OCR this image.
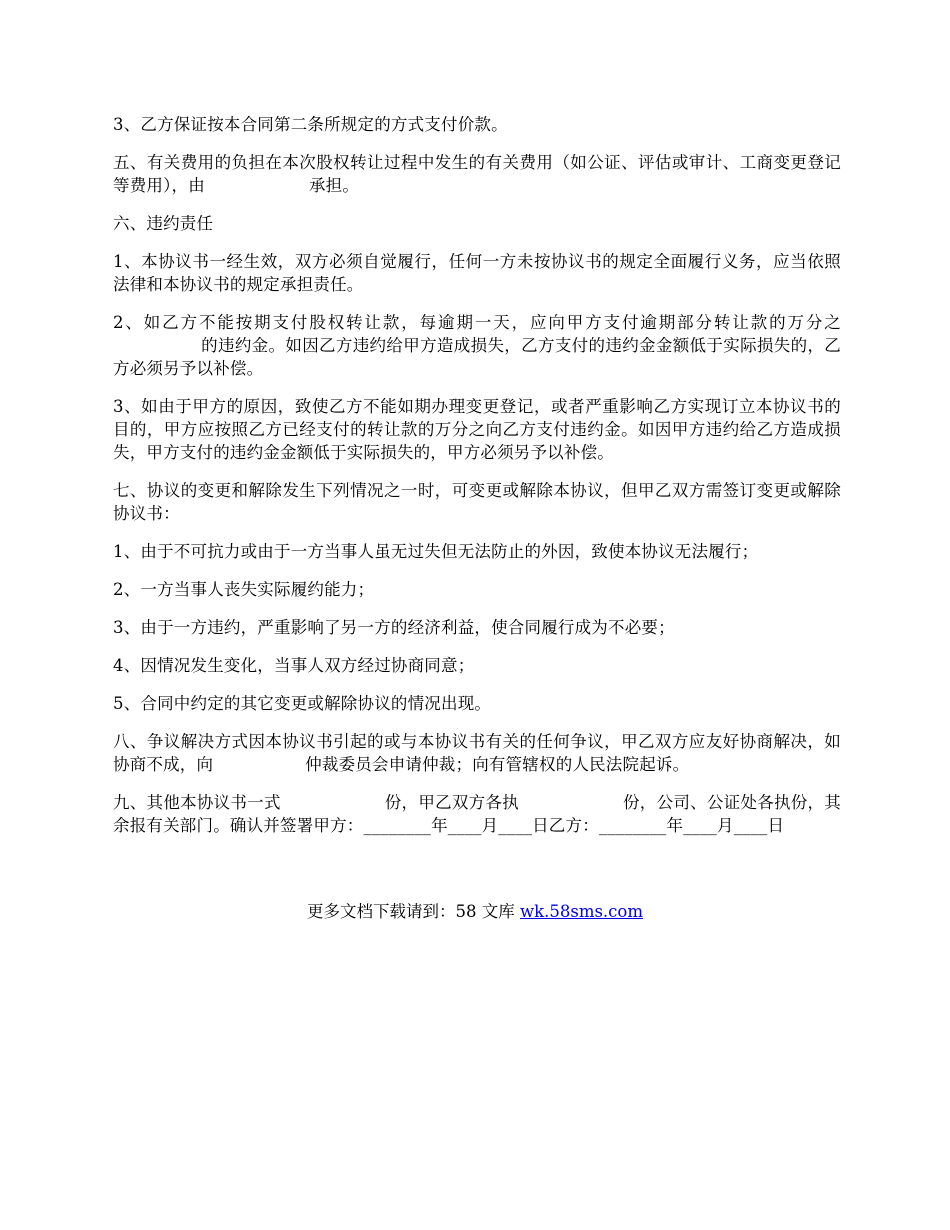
3、乙方保证按本合同第二条所规定的方式支付价款。

五、有关费用的负担在本次股权转让过程中发生的有关费用（如公证、评估或审计、工商变更登记等费用），由	承担。

六、违约责任

1、本协议书一经生效，双方必须自觉履行，任何一方未按协议书的规定全面履行义务，应当依照法律和本协议书的规定承担责任。

2、如乙方不能按期支付股权转让款，每逾期一天，应向甲方支付逾期部分转让款的万分之的违约金。如因乙方违约给甲方造成损失，乙方支付的违约金金额低于实际损失的，乙方必须另予以补偿。

3、如由于甲方的原因，致使乙方不能如期办理变更登记，或者严重影响乙方实现订立本协议书的目的，甲方应按照乙方已经支付的转让款的万分之向乙方支付违约金。如因甲方违约给乙方造成损失，甲方支付的违约金金额低于实际损失的，甲方必须另予以补偿。

七、协议的变更和解除发生下列情况之一时，可变更或解除本协议，但甲乙双方需签订变更或解除协议书：

1、由于不可抗力或由于一方当事人虽无过失但无法防止的外因，致使本协议无法履行；

2、一方当事人丧失实际履约能力；

3、由于一方违约，严重影响了另一方的经济利益，使合同履行成为不必要；

4、因情况发生变化，当事人双方经过协商同意；

5、合同中约定的其它变更或解除协议的情况出现。

八、争议解决方式因本协议书引起的或与本协议书有关的任何争议，甲乙双方应友好协商解决，如协商不成，向	仲裁委员会申请仲裁；向有管辖权的人民法院起诉。

九、其他本协议书一式	份，甲乙双方各执	份，公司、公证处各执份，其余报有关部门。确认并签署甲方：________年____月____日乙方：________年____月____日

更多文档下载请到：58 文库 wk.58sms.com
